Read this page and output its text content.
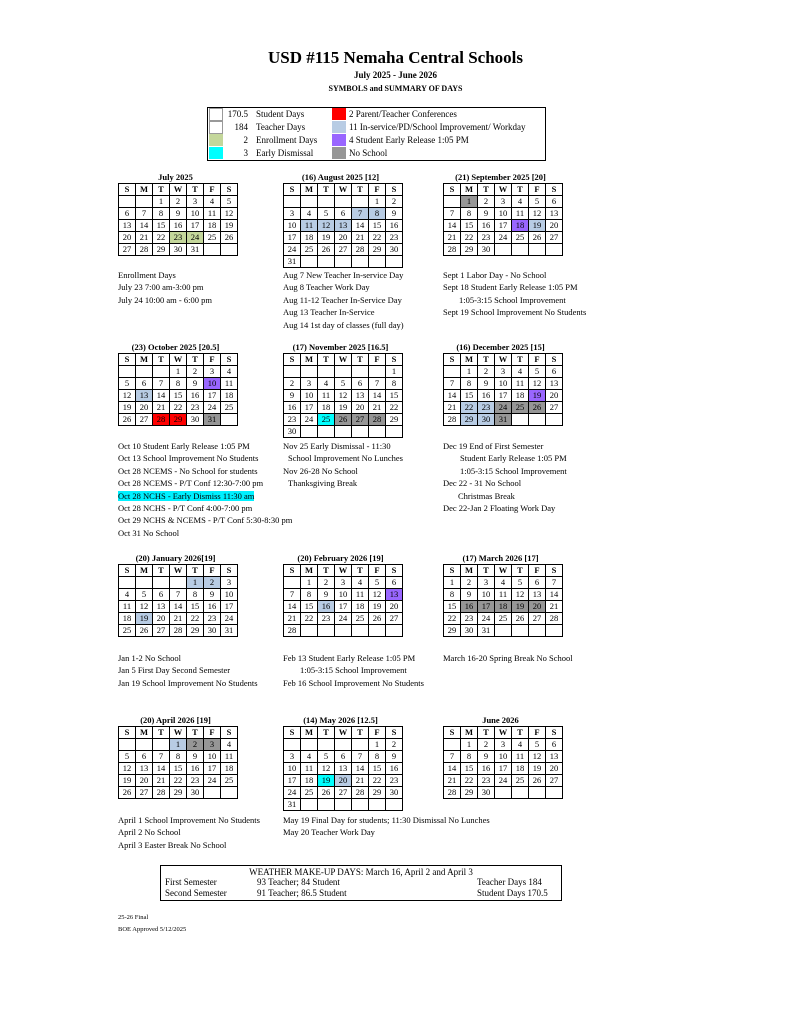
USD #115 Nemaha Central Schools
July 2025 - June 2026
SYMBOLS and SUMMARY OF DAYS
170.5 Student Days
184 Teacher Days
2 Enrollment Days
3 Early Dismissal
2 Parent/Teacher Conferences
11 In-service/PD/School Improvement/ Workday
4 Student Early Release 1:05 PM
No School
July 2025
S	M	T	W	T	F	S
		1	2	3	4	5
6	7	8	9	10	11	12
13	14	15	16	17	18	19
20	21	22	23	24	25	26
27	28	29	30	31		
(16) August 2025 [12]
S	M	T	W	T	F	S
					1	2
3	4	5	6	7	8	9
10	11	12	13	14	15	16
17	18	19	20	21	22	23
24	25	26	27	28	29	30
31						
(21) September 2025 [20]
S	M	T	W	T	F	S
	1	2	3	4	5	6
7	8	9	10	11	12	13
14	15	16	17	18	19	20
21	22	23	24	25	26	27
28	29	30				
(23) October 2025 [20.5]
S	M	T	W	T	F	S
			1	2	3	4
5	6	7	8	9	10	11
12	13	14	15	16	17	18
19	20	21	22	23	24	25
26	27	28	29	30	31	
(17) November 2025 [16.5]
S	M	T	W	T	F	S
						1
2	3	4	5	6	7	8
9	10	11	12	13	14	15
16	17	18	19	20	21	22
23	24	25	26	27	28	29
30						
(16) December 2025 [15]
S	M	T	W	T	F	S
	1	2	3	4	5	6
7	8	9	10	11	12	13
14	15	16	17	18	19	20
21	22	23	24	25	26	27
28	29	30	31			
(20) January 2026[19]
S	M	T	W	T	F	S
				1	2	3
4	5	6	7	8	9	10
11	12	13	14	15	16	17
18	19	20	21	22	23	24
25	26	27	28	29	30	31
(20) February 2026 [19]
S	M	T	W	T	F	S
	1	2	3	4	5	6
7	8	9	10	11	12	13
14	15	16	17	18	19	20
21	22	23	24	25	26	27
28						
(17) March 2026 [17]
S	M	T	W	T	F	S
1	2	3	4	5	6	7
8	9	10	11	12	13	14
15	16	17	18	19	20	21
22	23	24	25	26	27	28
29	30	31				
(20) April 2026 [19]
S	M	T	W	T	F	S
			1	2	3	4
5	6	7	8	9	10	11
12	13	14	15	16	17	18
19	20	21	22	23	24	25
26	27	28	29	30		
(14) May 2026 [12.5]
S	M	T	W	T	F	S
					1	2
3	4	5	6	7	8	9
10	11	12	13	14	15	16
17	18	19	20	21	22	23
24	25	26	27	28	29	30
31						
June 2026
S	M	T	W	T	F	S
	1	2	3	4	5	6
7	8	9	10	11	12	13
14	15	16	17	18	19	20
21	22	23	24	25	26	27
28	29	30				
Enrollment Days
July 23 7:00 am-3:00 pm
July 24 10:00 am - 6:00 pm
Aug 7 New Teacher In-service Day
Aug 8 Teacher Work Day
Aug 11-12 Teacher In-Service Day
Aug 13 Teacher In-Service
Aug 14 1st day of classes (full day)
Sept 1 Labor Day - No School
Sept 18 Student Early Release 1:05 PM
1:05-3:15 School Improvement
Sept 19 School Improvement No Students
Oct 10 Student Early Release 1:05 PM
Oct 13 School Improvement No Students
Oct 28 NCEMS - No School for students
Oct 28 NCEMS - P/T Conf 12:30-7:00 pm
Oct 28 NCHS - Early Dismiss 11:30 am
Oct 28 NCHS - P/T Conf 4:00-7:00 pm
Oct 29 NCHS & NCEMS - P/T Conf 5:30-8:30 pm
Oct 31 No School
Nov 25 Early Dismissal - 11:30
School Improvement No Lunches
Nov 26-28 No School
Thanksgiving Break
Dec 19 End of First Semester
Student Early Release 1:05 PM
1:05-3:15 School Improvement
Dec 22 - 31 No School
Christmas Break
Dec 22-Jan 2 Floating Work Day
Jan 1-2 No School
Jan 5 First Day Second Semester
Jan 19 School Improvement No Students
Feb 13 Student Early Release 1:05 PM
1:05-3:15 School Improvement
Feb 16 School Improvement No Students
March 16-20 Spring Break No School
April 1 School Improvement No Students
April 2 No School
April 3 Easter Break No School
May 19 Final Day for students; 11:30 Dismissal No Lunches
May 20 Teacher Work Day
WEATHER MAKE-UP DAYS: March 16, April 2 and April 3
First Semester	93 Teacher; 84 Student	Teacher Days 184
Second Semester	91 Teacher; 86.5 Student	Student Days 170.5
25-26 Final
BOE Approved 5/12/2025
